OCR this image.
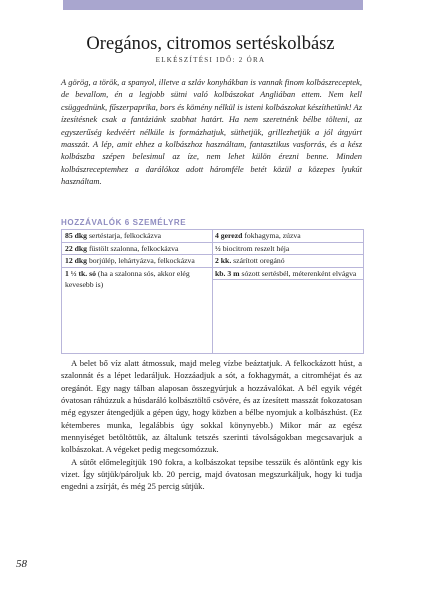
Oregános, citromos sertéskolbász
ELKÉSZÍTÉSI IDŐ: 2 ÓRA

A görög, a török, a spanyol, illetve a szláv konyhákban is vannak finom kolbászreceptek, de bevallom, én a legjobb sütni való kolbászokat Angliában ettem. Nem kell csüggednünk, fűszerpaprika, bors és kömény nélkül is isteni kolbászokat készíthetünk! Az ízesítésnek csak a fantáziánk szabhat határt. Ha nem szeretnénk bélbe tölteni, az egyszerűség kedvéért nélküle is formázhatjuk, süthetjük, grillezhetjük a jól átgyúrt masszát. A lép, amit ehhez a kolbászhoz használtam, fantasztikus vasforrás, és a kész kolbászba szépen belesimul az íze, nem lehet külön érezni benne. Minden kolbászreceptemhez a darálókoz adott háromféle betét közül a közepes lyukút használtam.

HOZZÁVALÓK 6 SZEMÉLYRE
85 dkg sertéstarja, felkockázva
22 dkg füstölt szalonna, felkockázva
12 dkg borjúlép, lehártyázva, felkockázva
1 ½ tk. só (ha a szalonna sós, akkor elég kevesebb is)
4 gerezd fokhagyma, zúzva
½ biocitrom reszelt héja
2 kk. szárított oregánó
kb. 3 m sózott sertésbél, méterenként elvágva

A belet bő víz alatt átmossuk, majd meleg vízbe beáztatjuk. A felkockázott húst, a szalonnát és a lépet ledaráljuk. Hozzáadjuk a sót, a fokhagymát, a citromhéjat és az oregánót. Egy nagy tálban alaposan összegyúrjuk a hozzávalókat. A bél egyik végét óvatosan ráhúzzuk a húsdaráló kolbásztöltő csövére, és az ízesített masszát fokozatosan még egyszer átengedjük a gépen úgy, hogy közben a bélbe nyomjuk a kolbászhúst. (Ez kétemberes munka, legalábbis úgy sokkal könynyebb.) Mikor már az egész mennyiséget betöltöttük, az általunk tetszés szerinti távolságokban megcsavarjuk a kolbászokat. A végeket pedig megcsomózzuk.

A sütőt előmelegítjük 190 fokra, a kolbászokat tepsibe tesszük és alöntünk egy kis vizet. Így sütjük/pároljuk kb. 20 percig, majd óvatosan megszurkáljuk, hogy ki tudja engedni a zsírját, és még 25 percig sütjük.

58
